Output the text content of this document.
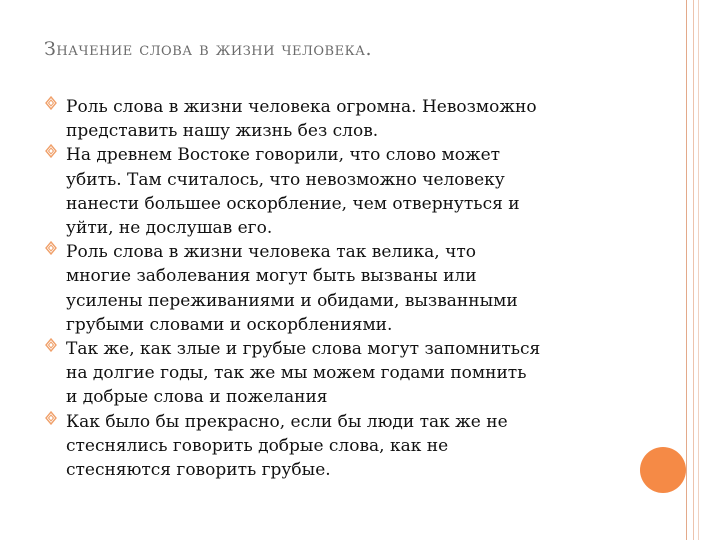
Значение слова в жизни человека.
Роль слова в жизни человека огромна. Невозможно
представить нашу жизнь без слов.
На древнем Востоке говорили, что слово может
убить. Там считалось, что невозможно человеку
нанести большее оскорбление, чем отвернуться и
уйти, не дослушав его.
Роль слова в жизни человека так велика, что
многие заболевания могут быть вызваны или
усилены переживаниями и обидами, вызванными
грубыми словами и оскорблениями.
Так же, как злые и грубые слова могут запомниться
на долгие годы, так же мы можем годами помнить
и добрые слова и пожелания
Как было бы прекрасно, если бы люди так же не
стеснялись говорить добрые слова, как не
стесняются говорить грубые.
